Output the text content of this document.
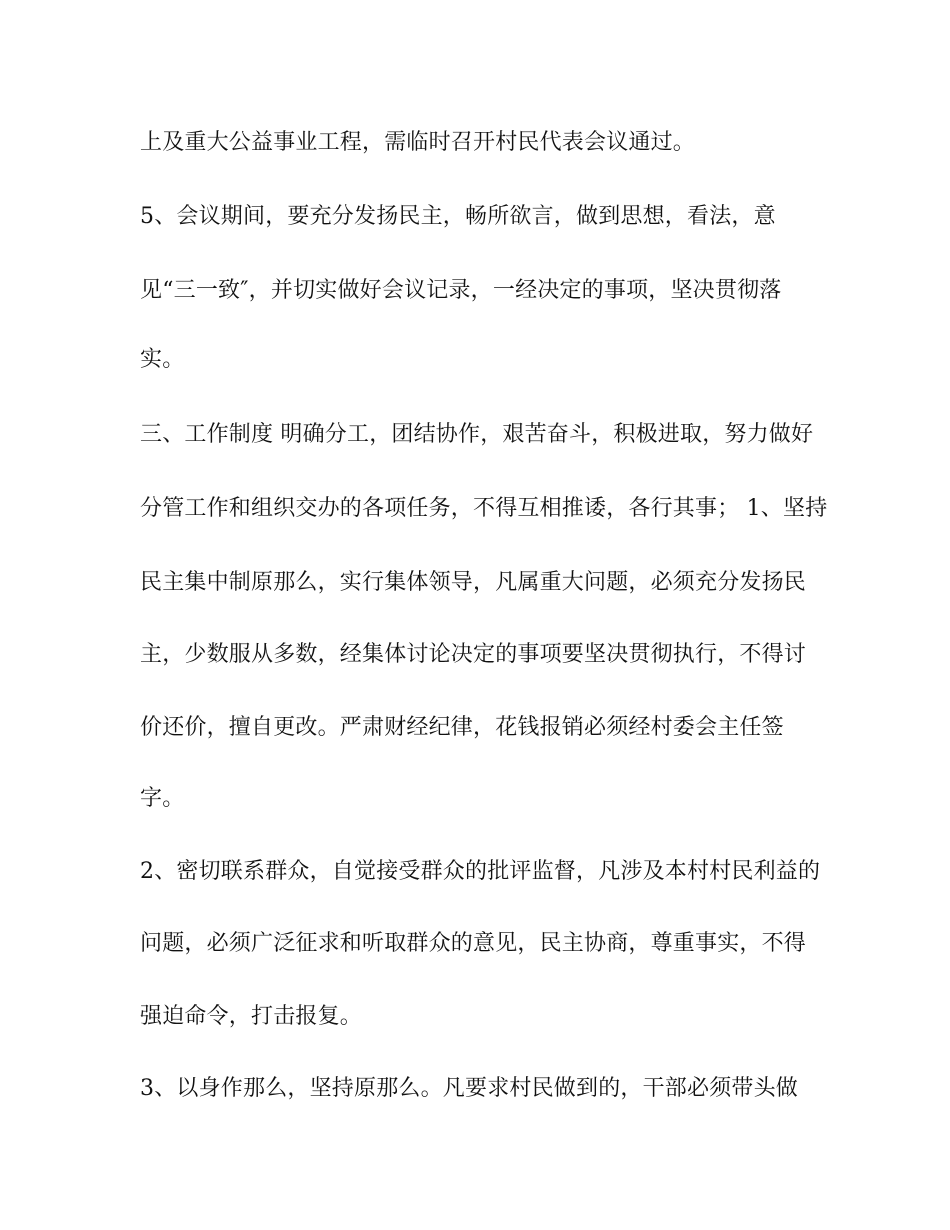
上及重大公益事业工程，需临时召开村民代表会议通过。
5、会议期间，要充分发扬民主，畅所欲言，做到思想，看法，意
见“三一致″，并切实做好会议记录，一经决定的事项，坚决贯彻落
实。
三、工作制度 明确分工，团结协作，艰苦奋斗，积极进取，努力做好
分管工作和组织交办的各项任务，不得互相推诿，各行其事； 1、坚持
民主集中制原那么，实行集体领导，凡属重大问题，必须充分发扬民
主，少数服从多数，经集体讨论决定的事项要坚决贯彻执行，不得讨
价还价，擅自更改。严肃财经纪律，花钱报销必须经村委会主任签
字。
2、密切联系群众，自觉接受群众的批评监督，凡涉及本村村民利益的
问题，必须广泛征求和听取群众的意见，民主协商，尊重事实，不得
强迫命令，打击报复。
3、以身作那么，坚持原那么。凡要求村民做到的，干部必须带头做
